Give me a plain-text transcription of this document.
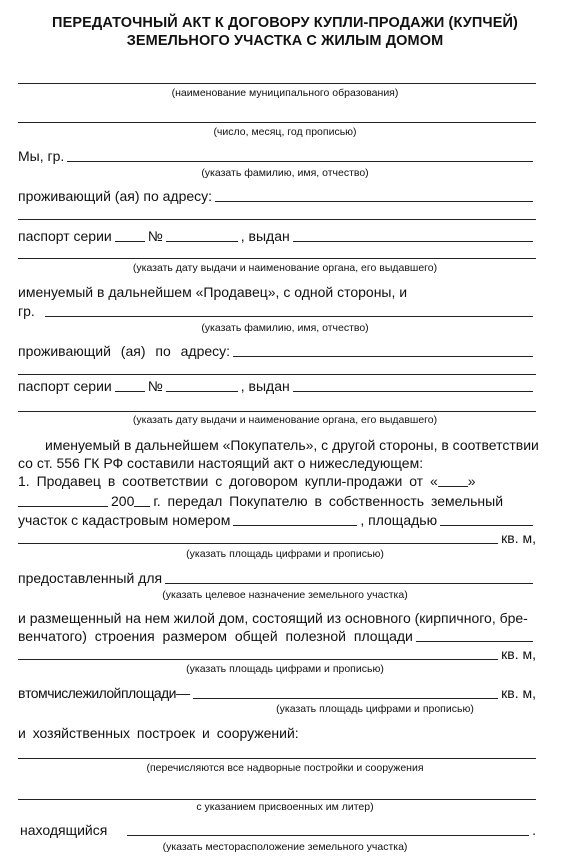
ПЕРЕДАТОЧНЫЙ АКТ К ДОГОВОРУ КУПЛИ-ПРОДАЖИ (КУПЧЕЙ)
ЗЕМЕЛЬНОГО УЧАСТКА С ЖИЛЫМ ДОМОМ
(наименование муниципального образования)
(число, месяц, год прописью)
Мы, гр.
(указать фамилию, имя, отчество)
проживающий (ая) по адресу:
паспорт серии	№	, выдан
(указать дату выдачи и наименование органа, его выдавшего)
именуемый в дальнейшем «Продавец», с одной стороны, и
гр.
(указать фамилию, имя, отчество)
проживающий (ая) по адресу:
паспорт серии	№	, выдан
(указать дату выдачи и наименование органа, его выдавшего)
именуемый в дальнейшем «Покупатель», с другой стороны, в соответствии
со ст. 556 ГК РФ составили настоящий акт о нижеследующем:
1. Продавец в соответствии с договором купли-продажи от « »
200 г. передал Покупателю в собственность земельный
участок с кадастровым номером	, площадью
кв. м,
(указать площадь цифрами и прописью)
предоставленный для
(указать целевое назначение земельного участка)
и размещенный на нем жилой дом, состоящий из основного (кирпичного, бре-
венчатого) строения размером общей полезной площади
кв. м,
(указать площадь цифрами и прописью)
в том числе жилой площади —	кв. м,
(указать площадь цифрами и прописью)
и хозяйственных построек и сооружений:
(перечисляются все надворные постройки и сооружения
с указанием присвоенных им литер)
находящийся	.
(указать месторасположение земельного участка)
